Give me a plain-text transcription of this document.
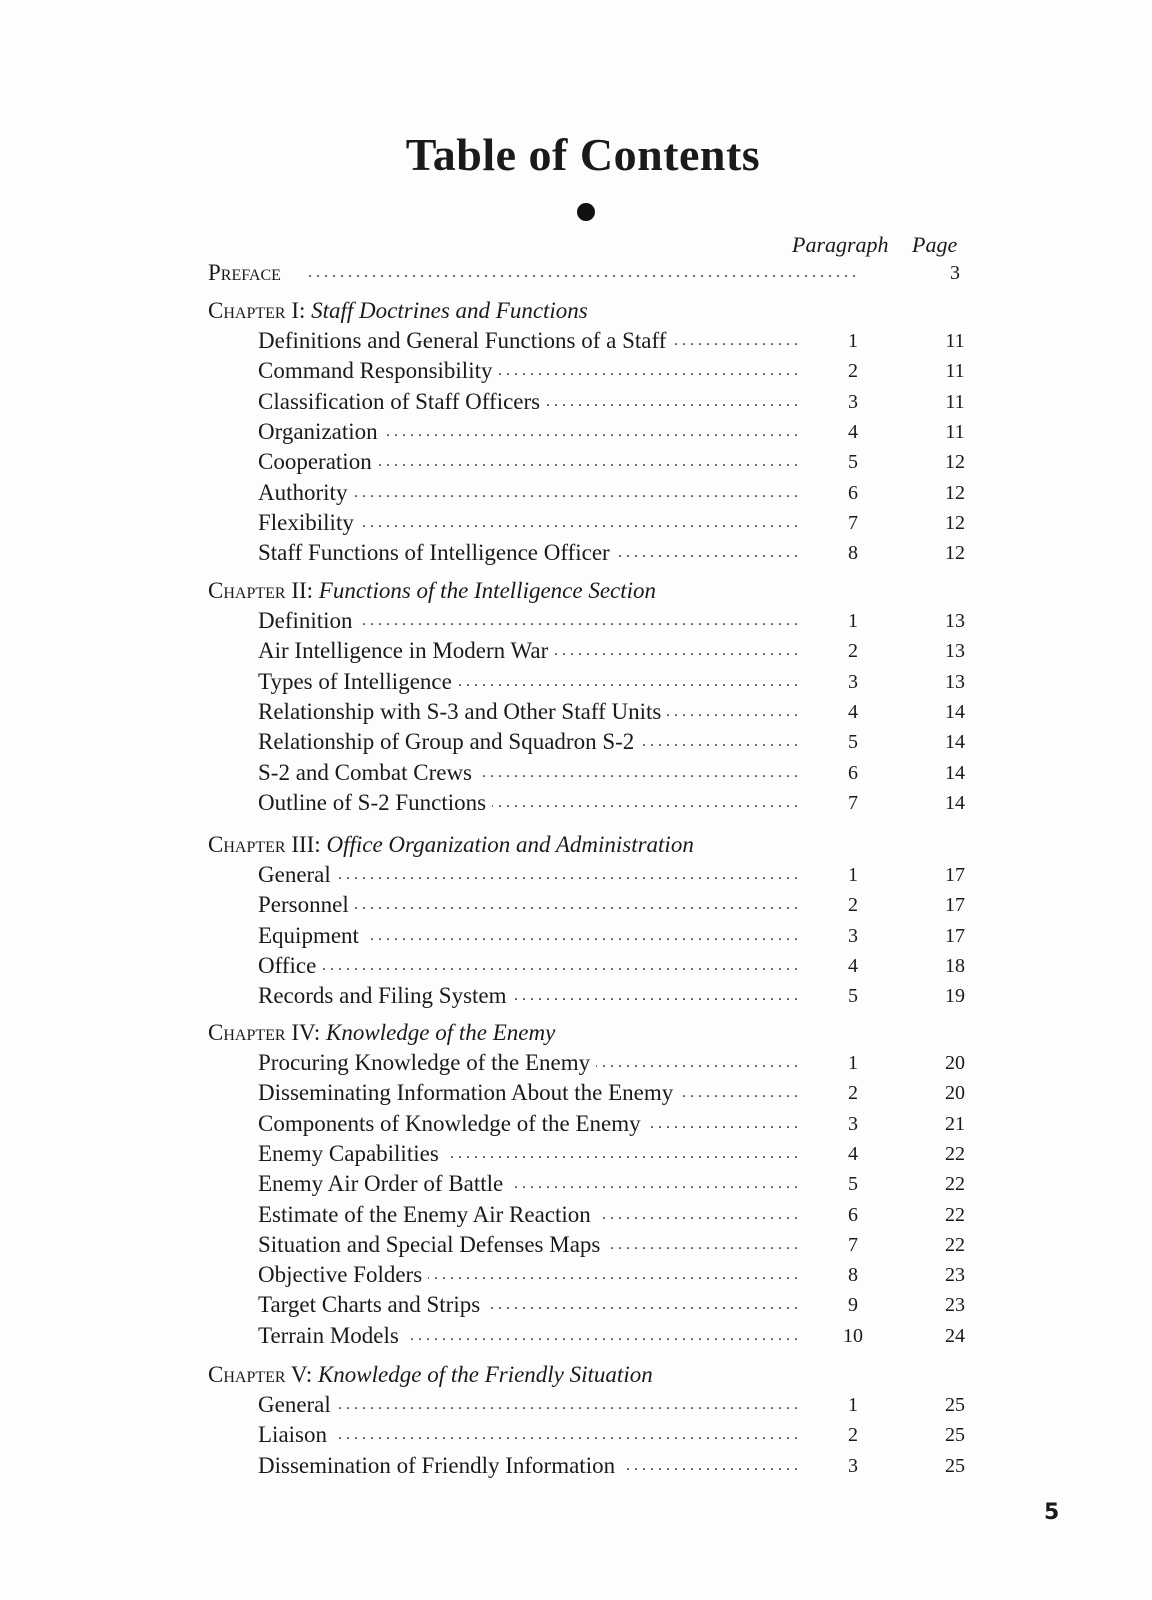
Table of Contents
Paragraph Page
Preface
. . .	3
Chapter I: Staff Doctrines and Functions
Definitions and General Functions of a Staff . . .	1	11
Command Responsibility . . .	2	11
Classification of Staff Officers . . .	3	11
Organization . . .	4	11
Cooperation . . .	5	12
Authority . . .	6	12
Flexibility . . .	7	12
Staff Functions of Intelligence Officer . . .	8	12
Chapter II: Functions of the Intelligence Section
Definition . . .	1	13
Air Intelligence in Modern War . . .	2	13
Types of Intelligence . . .	3	13
Relationship with S-3 and Other Staff Units . . .	4	14
Relationship of Group and Squadron S-2 . . .	5	14
S-2 and Combat Crews . . .	6	14
Outline of S-2 Functions . . .	7	14
Chapter III: Office Organization and Administration
General . . .	1	17
Personnel . . .	2	17
Equipment . . .	3	17
Office . . .	4	18
Records and Filing System . . .	5	19
Chapter IV: Knowledge of the Enemy
Procuring Knowledge of the Enemy . . .	1	20
Disseminating Information About the Enemy . . .	2	20
Components of Knowledge of the Enemy . . .	3	21
Enemy Capabilities . . .	4	22
Enemy Air Order of Battle . . .	5	22
Estimate of the Enemy Air Reaction . . .	6	22
Situation and Special Defenses Maps . . .	7	22
Objective Folders . . .	8	23
Target Charts and Strips . . .	9	23
Terrain Models . . .	10	24
Chapter V: Knowledge of the Friendly Situation
General . . .	1	25
Liaison . . .	2	25
Dissemination of Friendly Information . . .	3	25
5
